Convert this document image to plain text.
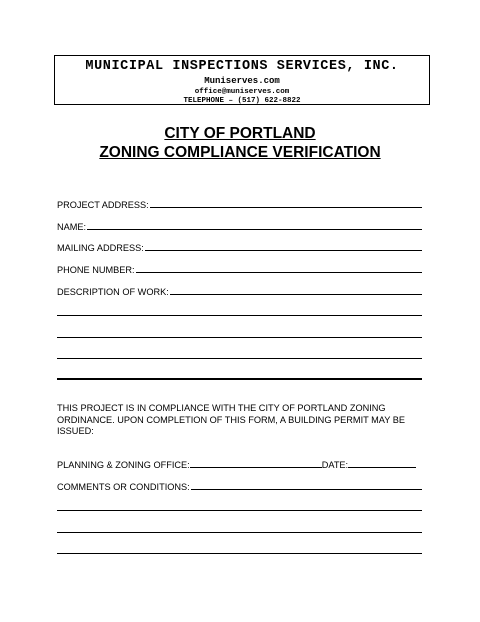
MUNICIPAL INSPECTIONS SERVICES, INC.
Muniserves.com
office@muniserves.com
TELEPHONE – (517) 622-8822
CITY OF PORTLAND
ZONING COMPLIANCE VERIFICATION
PROJECT ADDRESS:
NAME:
MAILING ADDRESS:
PHONE NUMBER:
DESCRIPTION OF WORK:
THIS PROJECT IS IN COMPLIANCE WITH THE CITY OF PORTLAND ZONING ORDINANCE. UPON COMPLETION OF THIS FORM, A BUILDING PERMIT MAY BE ISSUED:
PLANNING & ZONING OFFICE:	DATE:
COMMENTS OR CONDITIONS:
